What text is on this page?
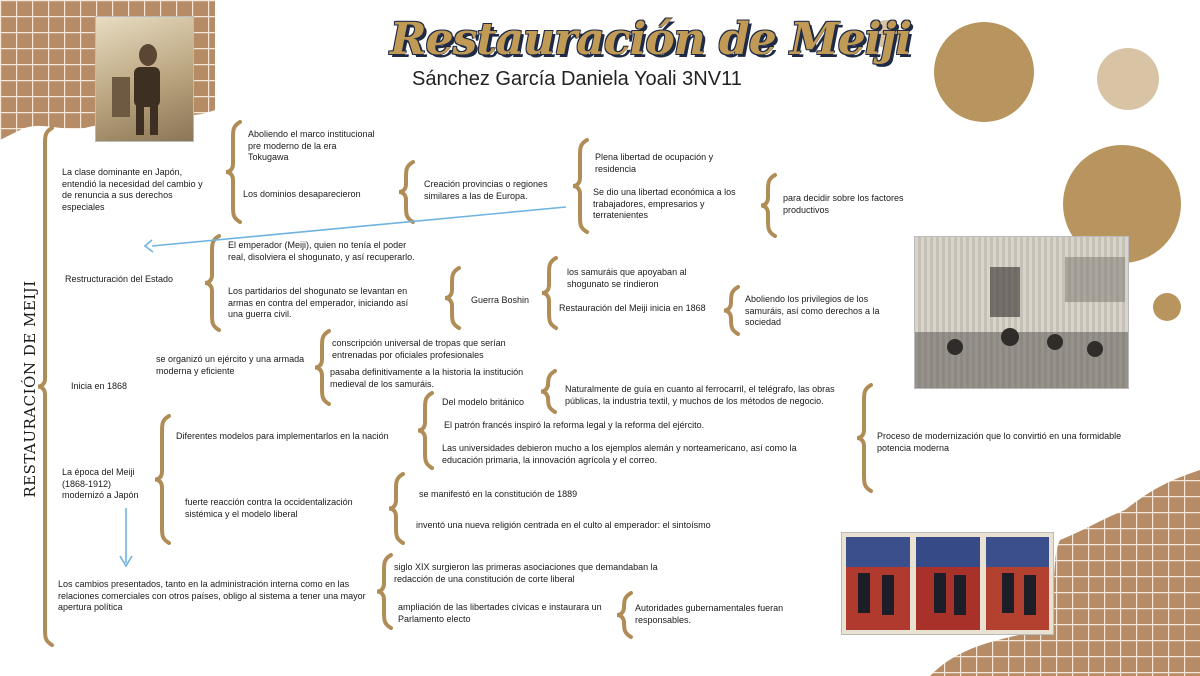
Restauración de Meiji
Sánchez García Daniela Yoali 3NV11
RESTAURACIÓN DE MEIJI
La clase dominante en Japón, entendió la necesidad del cambio y de renuncia a sus derechos especiales
Aboliendo el marco institucional pre moderno de la era Tokugawa
Los dominios desaparecieron
Creación provincias o regiones similares a las de Europa.
Plena libertad de ocupación y residencia
Se dio una libertad económica a los trabajadores, empresarios y terratenientes
para decidir sobre los factores productivos
Restructuración del Estado
El emperador (Meiji), quien no tenía el poder real, disolviera el shogunato, y así recuperarlo.
Los partidarios del shogunato se levantan en armas en contra del emperador, iniciando así una guerra civil.
Guerra Boshin
los samuráis que apoyaban al shogunato se rindieron
Restauración del Meiji inicia en 1868
Aboliendo los privilegios de los samuráis, así como derechos a la sociedad
Inicia en 1868
se organizó un ejército y una armada moderna y eficiente
conscripción universal de tropas que serían entrenadas por oficiales profesionales
pasaba definitivamente a la historia la institución medieval de los samuráis.
La época del Meiji (1868-1912) modernizó a Japón
Diferentes modelos para implementarlos en la nación
Del modelo británico
Naturalmente de guía en cuanto al ferrocarril, el telégrafo, las obras públicas, la industria textil, y muchos de los métodos de negocio.
El patrón francés inspiró la reforma legal y la reforma del ejército.
Las universidades debieron mucho a los ejemplos alemán y norteamericano, así como la educación primaria, la innovación agrícola y el correo.
Proceso de modernización que lo convirtió en una formidable potencia moderna
fuerte reacción contra la occidentalización sistémica y el modelo liberal
se manifestó en la constitución de 1889
inventó una nueva religión centrada en el culto al emperador: el sintoísmo
Los cambios presentados, tanto en la administración interna como en las relaciones comerciales con otros países, obligo al sistema a tener una mayor apertura política
siglo XIX surgieron las primeras asociaciones que demandaban la redacción de una constitución de corte liberal
ampliación de las libertades cívicas e instaurara un Parlamento electo
Autoridades gubernamentales fueran responsables.
